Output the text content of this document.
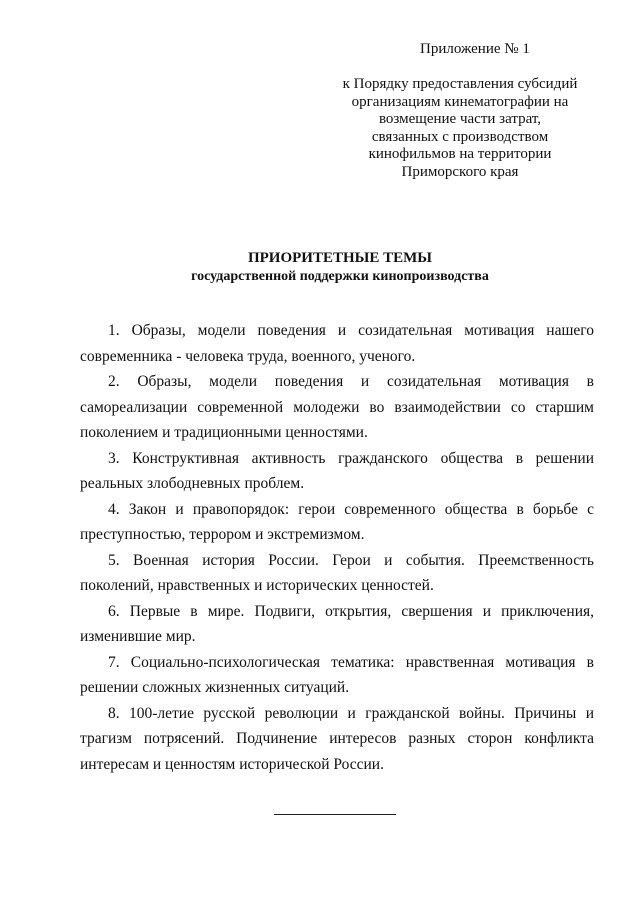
Приложение № 1
к Порядку предоставления субсидий
организациям кинематографии на
возмещение части затрат,
связанных с производством
кинофильмов на территории
Приморского края
ПРИОРИТЕТНЫЕ ТЕМЫ
государственной поддержки кинопроизводства

1. Образы, модели поведения и созидательная мотивация нашего современника - человека труда, военного, ученого.

2. Образы, модели поведения и созидательная мотивация в самореализации современной молодежи во взаимодействии со старшим поколением и традиционными ценностями.

3. Конструктивная активность гражданского общества в решении реальных злободневных проблем.

4. Закон и правопорядок: герои современного общества в борьбе с преступностью, террором и экстремизмом.

5. Военная история России. Герои и события. Преемственность поколений, нравственных и исторических ценностей.

6. Первые в мире. Подвиги, открытия, свершения и приключения, изменившие мир.

7. Социально-психологическая тематика: нравственная мотивация в решении сложных жизненных ситуаций.

8. 100-летие русской революции и гражданской войны. Причины и трагизм потрясений. Подчинение интересов разных сторон конфликта интересам и ценностям исторической России.
